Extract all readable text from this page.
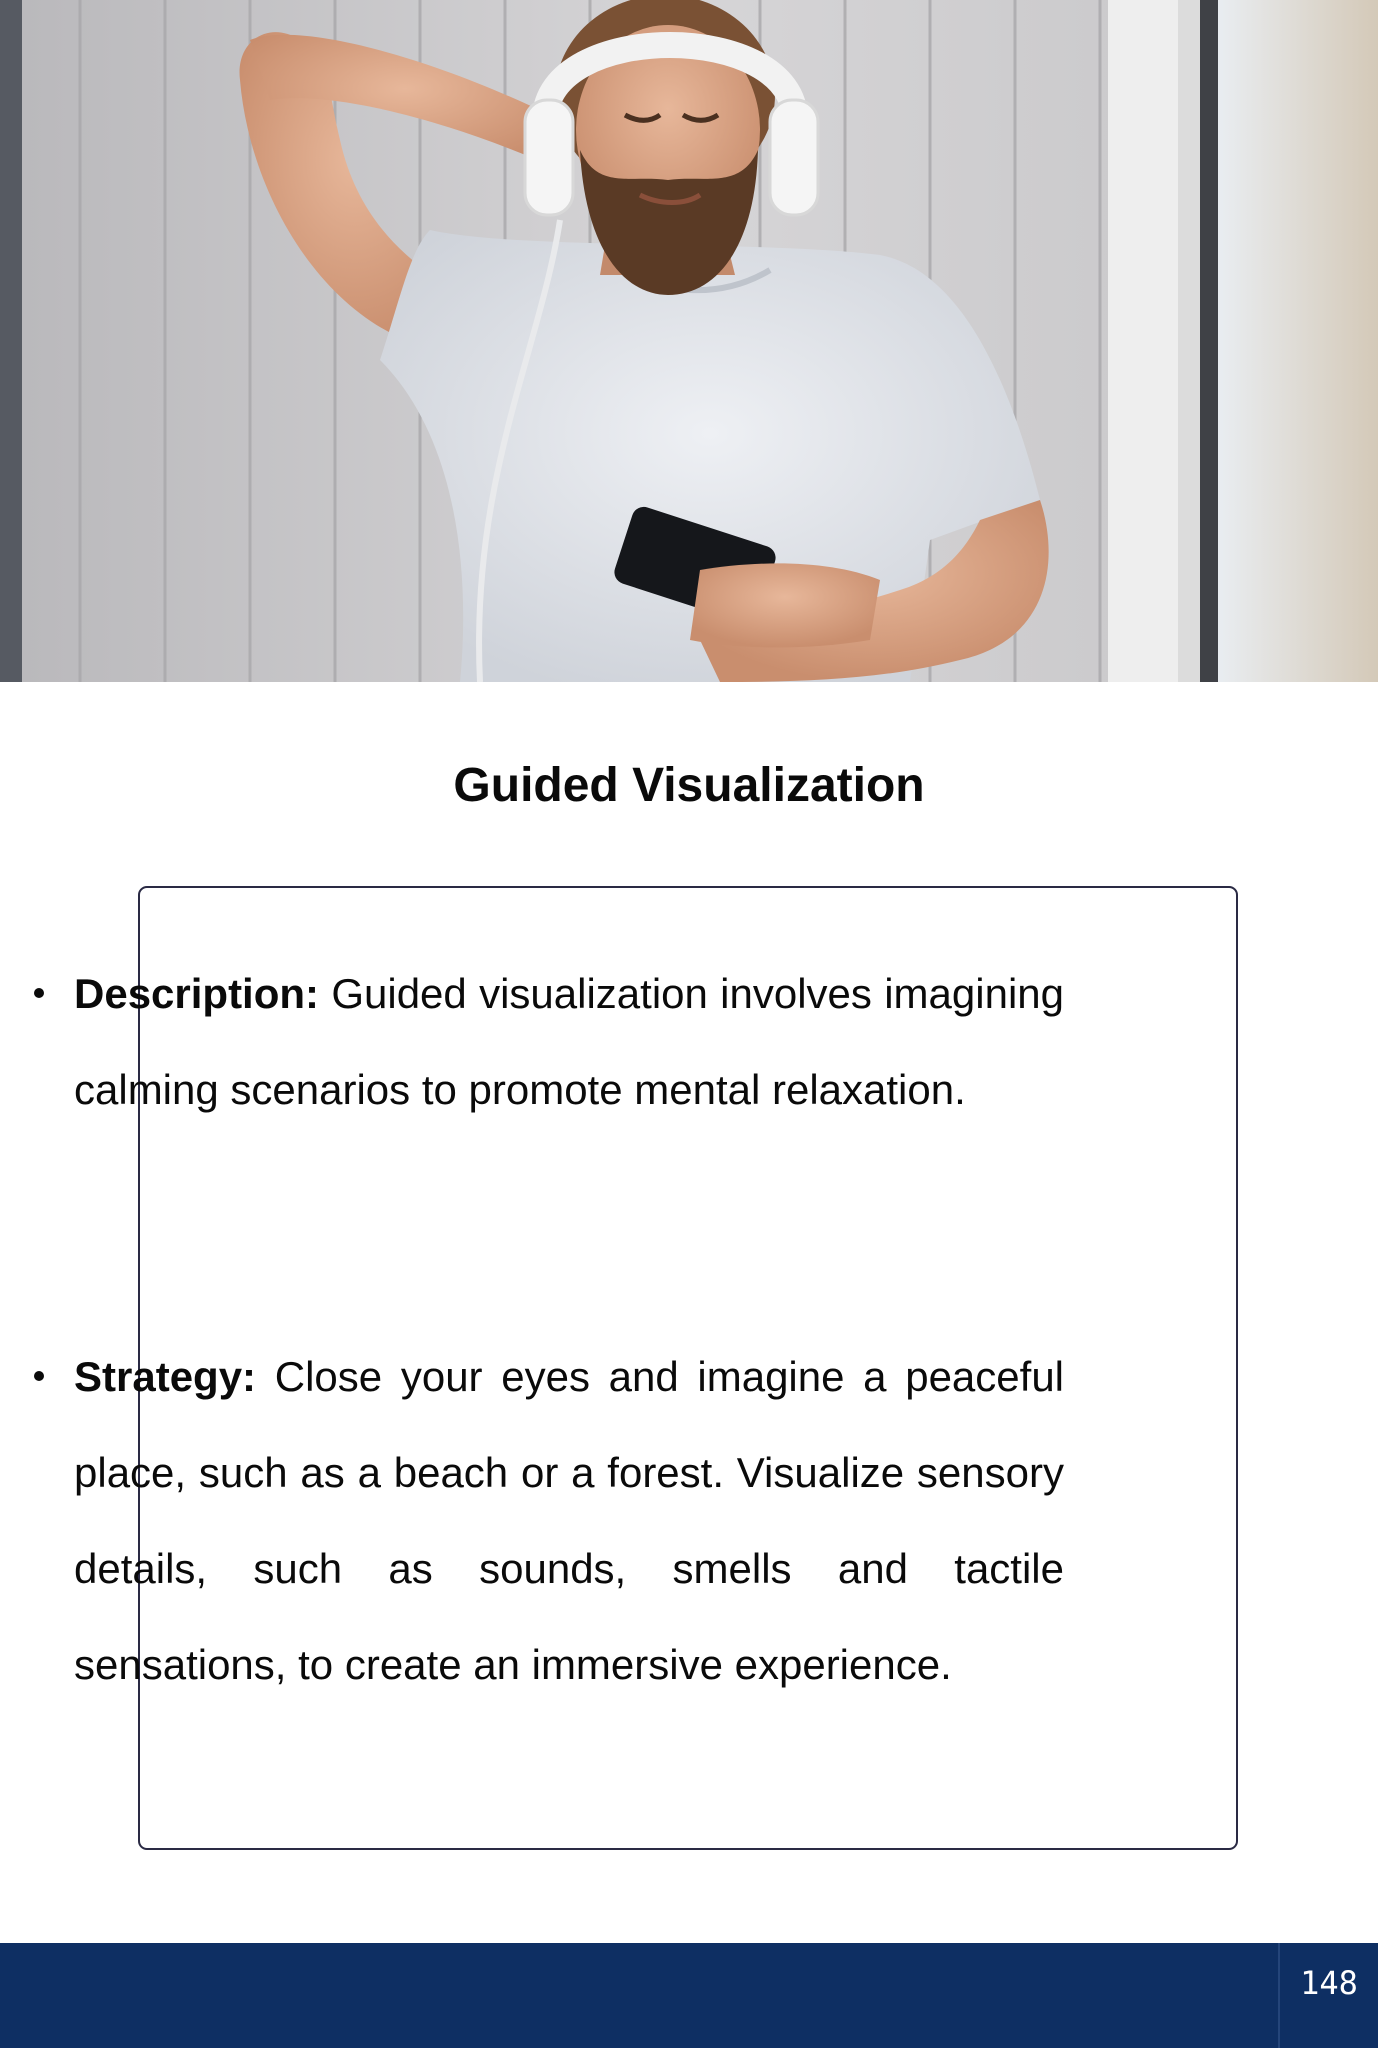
Guided Visualization
Description: Guided visualization involves imagining calming scenarios to promote mental relaxation.
Strategy: Close your eyes and imagine a peaceful place, such as a beach or a forest. Visualize sensory details, such as sounds, smells and tactile sensations, to create an immersive experience.
148
